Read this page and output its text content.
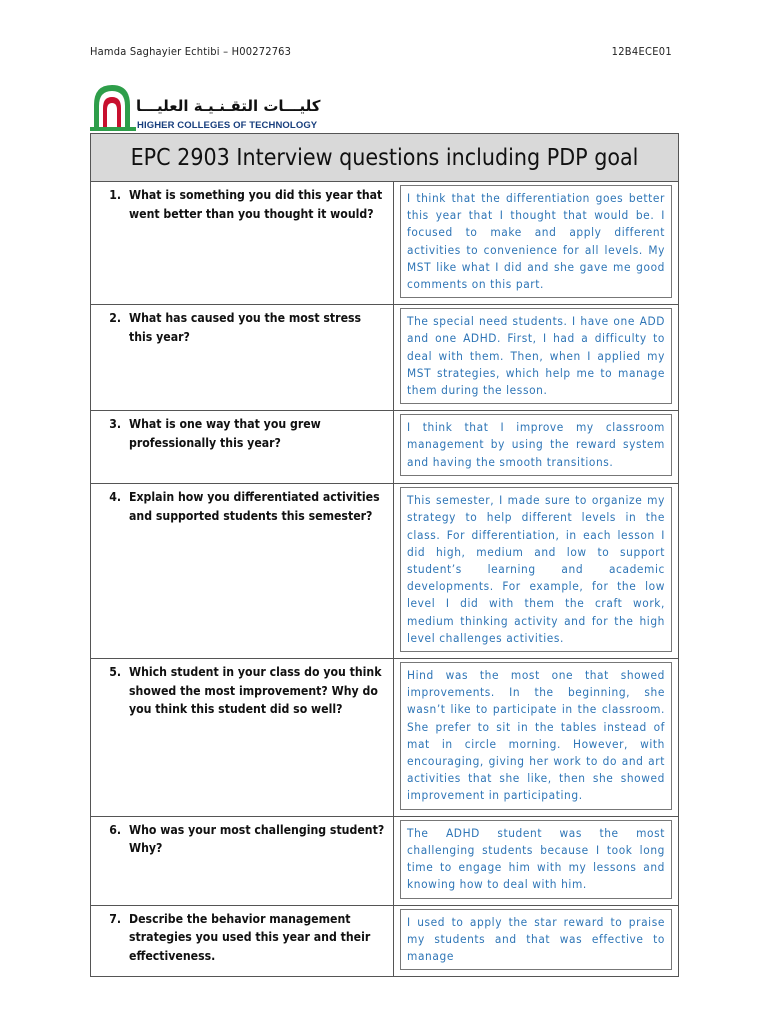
Hamda Saghayier Echtibi – H00272763	12B4ECE01
كليـــات التقـنـيـة العليـــا
HIGHER COLLEGES OF TECHNOLOGY
EPC 2903 Interview questions including PDP goal	

1. What is something you did this year that went better than you thought it would?	I think that the differentiation goes better this year that I thought that would be. I focused to make and apply different activities to convenience for all levels. My MST like what I did and she gave me good comments on this part.

2. What has caused you the most stress this year?	The special need students. I have one ADD and one ADHD. First, I had a difficulty to deal with them. Then, when I applied my MST strategies, which help me to manage them during the lesson.

3. What is one way that you grew professionally this year?	I think that I improve my classroom management by using the reward system and having the smooth transitions.

4. Explain how you differentiated activities and supported students this semester?	This semester, I made sure to organize my strategy to help different levels in the class. For differentiation, in each lesson I did high, medium and low to support student’s learning and academic developments. For example, for the low level I did with them the craft work, medium thinking activity and for the high level challenges activities.

5. Which student in your class do you think showed the most improvement? Why do you think this student did so well?	Hind was the most one that showed improvements. In the beginning, she wasn’t like to participate in the classroom. She prefer to sit in the tables instead of mat in circle morning. However, with encouraging, giving her work to do and art activities that she like, then she showed improvement in participating.

6. Who was your most challenging student? Why?	The ADHD student was the most challenging students because I took long time to engage him with my lessons and knowing how to deal with him.

7. Describe the behavior management strategies you used this year and their effectiveness.	I used to apply the star reward to praise my students and that was effective to manage
